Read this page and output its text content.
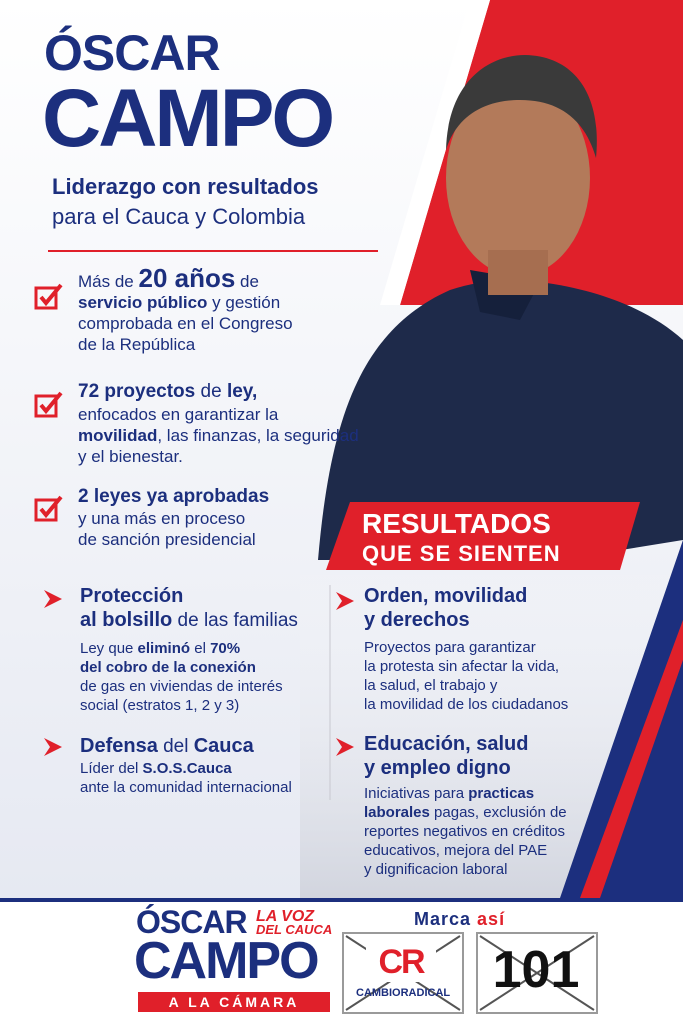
ÓSCAR
CAMPO
Liderazgo con resultados
para el Cauca y Colombia
Más de 20 años de
servicio público y gestión
comprobada en el Congreso
de la República
72 proyectos de ley,
enfocados en garantizar la
movilidad, las finanzas, la seguridad
y el bienestar.
2 leyes ya aprobadas
y una más en proceso
de sanción presidencial
RESULTADOS
QUE SE SIENTEN
Protección
al bolsillo de las familias
Ley que eliminó el 70%
del cobro de la conexión
de gas en viviendas de interés
social (estratos 1, 2 y 3)
Orden, movilidad
y derechos
Proyectos para garantizar
la protesta sin afectar la vida,
la salud, el trabajo y
la movilidad de los ciudadanos
Defensa del Cauca
Líder del S.O.S.Cauca
ante la comunidad internacional
Educación, salud
y empleo digno
Iniciativas para practicas
laborales pagas, exclusión de
reportes negativos en créditos
educativos, mejora del PAE
y dignificacion laboral
ÓSCAR
CAMPO
LA VOZ
DEL CAUCA
A LA CÁMARA
Marca así
CR
CAMBIORADICAL 101
